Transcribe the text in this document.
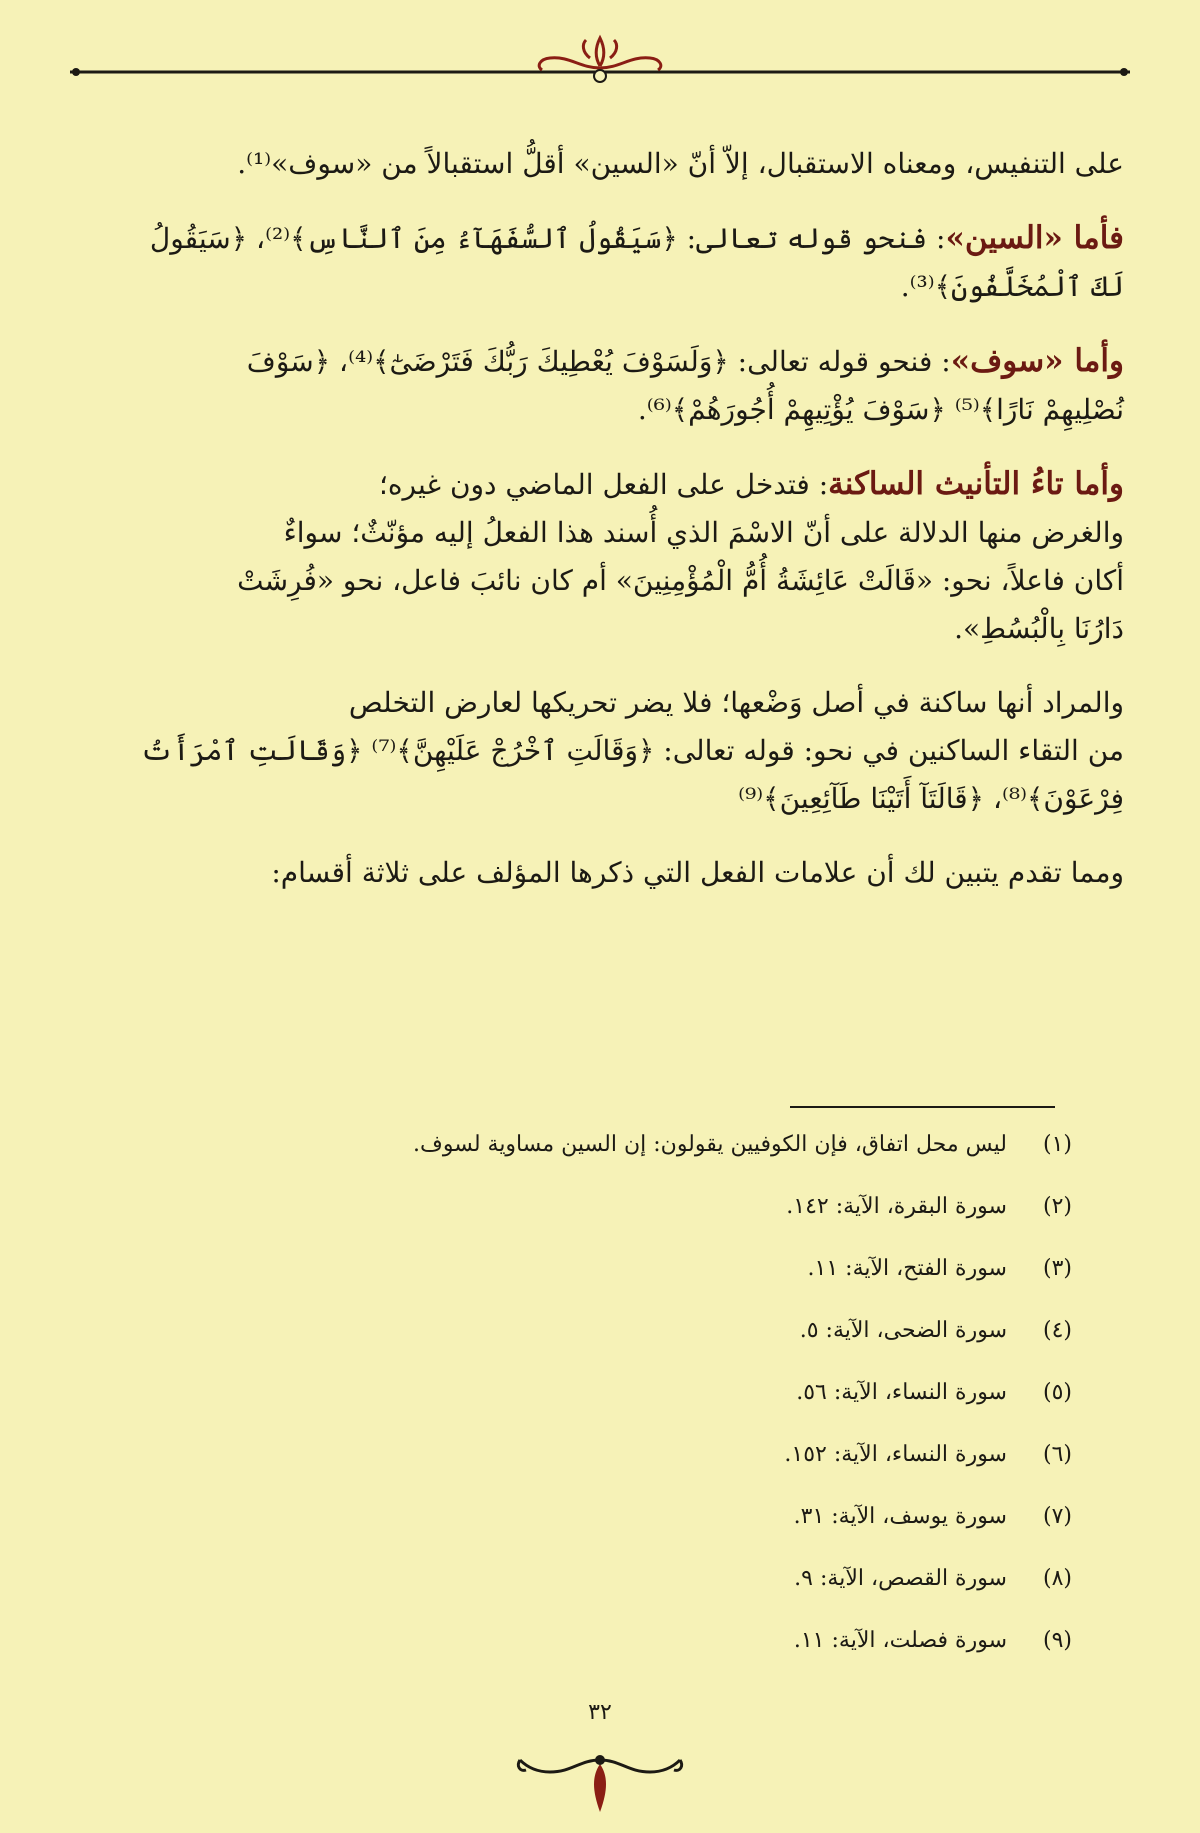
على التنفيس، ومعناه الاستقبال، إلاّ أنّ «السين» أقلُّ استقبالاً من «سوف»⁽¹⁾.

فأما «السين»: فنحو قوله تعالى: ﴿سَيَقُولُ ٱلسُّفَهَآءُ مِنَ ٱلنَّاسِ﴾⁽²⁾، ﴿سَيَقُولُ

لَكَ ٱلْمُخَلَّفُونَ﴾⁽³⁾.

وأما «سوف»: فنحو قوله تعالى: ﴿وَلَسَوْفَ يُعْطِيكَ رَبُّكَ فَتَرْضَىٰٓ﴾⁽⁴⁾، ﴿سَوْفَ

نُصْلِيهِمْ نَارًا﴾⁽⁵⁾ ﴿سَوْفَ يُؤْتِيهِمْ أُجُورَهُمْ﴾⁽⁶⁾.

وأما تاءُ التأنيث الساكنة: فتدخل على الفعل الماضي دون غيره؛

والغرض منها الدلالة على أنّ الاسْمَ الذي أُسند هذا الفعلُ إليه مؤنّثٌ؛ سواءٌ

أكان فاعلاً، نحو: «قَالَتْ عَائِشَةُ أُمُّ الْمُؤْمِنِينَ» أم كان نائبَ فاعل، نحو «فُرِشَتْ

دَارُنَا بِالْبُسُطِ».

والمراد أنها ساكنة في أصل وَضْعها؛ فلا يضر تحريكها لعارض التخلص

من التقاء الساكنين في نحو: قوله تعالى: ﴿وَقَالَتِ ٱخْرُجْ عَلَيْهِنَّ﴾⁽⁷⁾ ﴿وَقَالَتِ ٱمْرَأَتُ

فِرْعَوْنَ﴾⁽⁸⁾، ﴿قَالَتَآ أَتَيْنَا طَآئِعِينَ﴾⁽⁹⁾

ومما تقدم يتبين لك أن علامات الفعل التي ذكرها المؤلف على ثلاثة أقسام:

(١)
ليس محل اتفاق، فإن الكوفيين يقولون: إن السين مساوية لسوف.
(٢)
سورة البقرة، الآية: ١٤٢.
(٣)
سورة الفتح، الآية: ١١.
(٤)
سورة الضحى، الآية: ٥.
(٥)
سورة النساء، الآية: ٥٦.
(٦)
سورة النساء، الآية: ١٥٢.
(٧)
سورة يوسف، الآية: ٣١.
(٨)
سورة القصص، الآية: ٩.
(٩)
سورة فصلت، الآية: ١١.
٣٢
